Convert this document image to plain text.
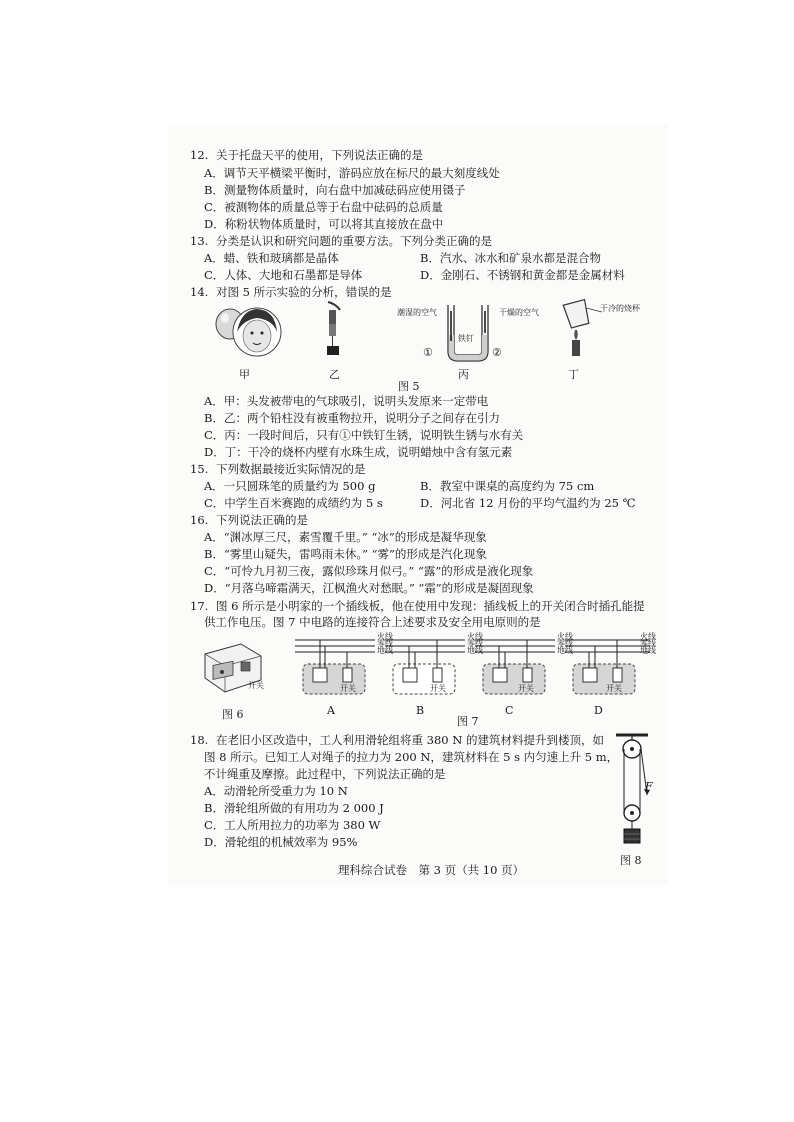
12. 关于托盘天平的使用，下列说法正确的是
A．调节天平横梁平衡时，游码应放在标尺的最大刻度线处
B．测量物体质量时，向右盘中加减砝码应使用镊子
C．被测物体的质量总等于右盘中砝码的总质量
D．称粉状物体质量时，可以将其直接放在盘中
13. 分类是认识和研究问题的重要方法。下列分类正确的是
A．蜡、铁和玻璃都是晶体	B．汽水、冰水和矿泉水都是混合物
C．人体、大地和石墨都是导体	D．金刚石、不锈钢和黄金都是金属材料
14. 对图 5 所示实验的分析，错误的是
甲	乙
潮湿的空气	干燥的空气
铁钉
①	②
丙
干冷的烧杯
丁
图 5
A．甲：头发被带电的气球吸引，说明头发原来一定带电
B．乙：两个铅柱没有被重物拉开，说明分子之间存在引力
C．丙：一段时间后，只有①中铁钉生锈，说明铁生锈与水有关
D．丁：干冷的烧杯内壁有水珠生成，说明蜡烛中含有氢元素
15. 下列数据最接近实际情况的是
A．一只圆珠笔的质量约为 500 g	B．教室中课桌的高度约为 75 cm
C．中学生百米赛跑的成绩约为 5 s	D．河北省 12 月份的平均气温约为 25 ℃
16. 下列说法正确的是
A．“渊冰厚三尺，素雪覆千里。” “冰”的形成是凝华现象
B．“雾里山疑失，雷鸣雨未休。” “雾”的形成是汽化现象
C．“可怜九月初三夜，露似珍珠月似弓。” “露”的形成是液化现象
D．“月落乌啼霜满天，江枫渔火对愁眠。” “霜”的形成是凝固现象
17. 图 6 所示是小明家的一个插线板，他在使用中发现：插线板上的开关闭合时插孔能提
供工作电压。图 7 中电路的连接符合上述要求及安全用电原则的是
开关
图 6
火线
零线
地线
火线
零线
地线
火线
零线
地线
火线
零线
地线
开关	开关	开关	开关
A	B	C	D
图 7
18. 在老旧小区改造中，工人利用滑轮组将重 380 N 的建筑材料提升到楼顶，如
图 8 所示。已知工人对绳子的拉力为 200 N，建筑材料在 5 s 内匀速上升 5 m，
不计绳重及摩擦。此过程中，下列说法正确的是
A．动滑轮所受重力为 10 N
B．滑轮组所做的有用功为 2 000 J
C．工人所用拉力的功率为 380 W
D．滑轮组的机械效率为 95%
F
图 8
理科综合试卷　第 3 页（共 10 页）
